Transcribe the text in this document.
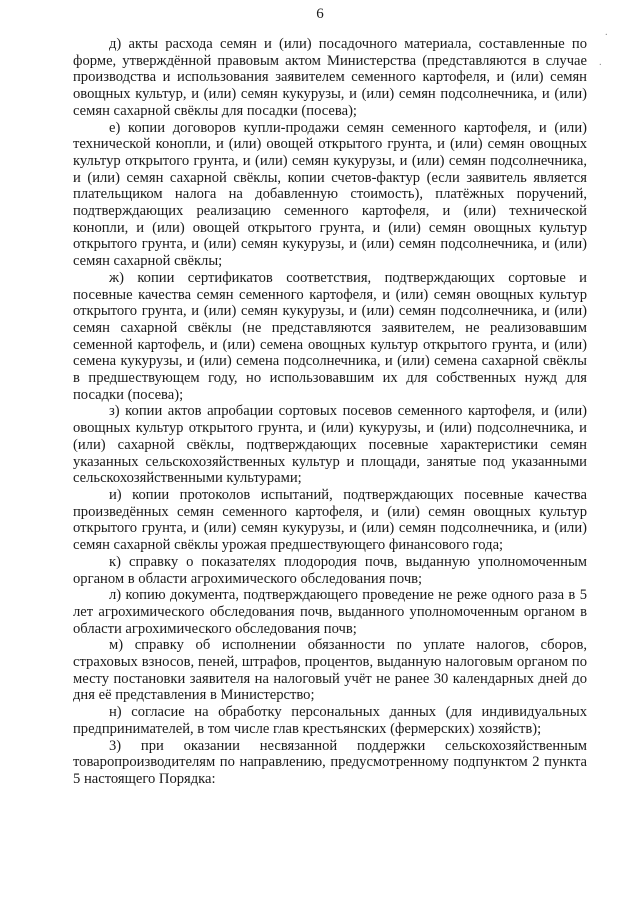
6
·
·

д) акты расхода семян и (или) посадочного материала, составленные по форме, утверждённой правовым актом Министерства (представляются в случае производства и использования заявителем семенного картофеля, и (или) семян овощных культур, и (или) семян кукурузы, и (или) семян подсолнечника, и (или) семян сахарной свёклы для посадки (посева);

е) копии договоров купли-продажи семян семенного картофеля, и (или) технической конопли, и (или) овощей открытого грунта, и (или) семян овощных культур открытого грунта, и (или) семян кукурузы, и (или) семян подсолнечника, и (или) семян сахарной свёклы, копии счетов-фактур (если заявитель является плательщиком налога на добавленную стоимость), платёжных поручений, подтверждающих реализацию семенного картофеля, и (или) технической конопли, и (или) овощей открытого грунта, и (или) семян овощных культур открытого грунта, и (или) семян кукурузы, и (или) семян подсолнечника, и (или) семян сахарной свёклы;

ж) копии сертификатов соответствия, подтверждающих сортовые и посевные качества семян семенного картофеля, и (или) семян овощных культур открытого грунта, и (или) семян кукурузы, и (или) семян подсолнечника, и (или) семян сахарной свёклы (не представляются заявителем, не реализовавшим семенной картофель, и (или) семена овощных культур открытого грунта, и (или) семена кукурузы, и (или) семена подсолнечника, и (или) семена сахарной свёклы в предшествующем году, но использовавшим их для собственных нужд для посадки (посева);

з) копии актов апробации сортовых посевов семенного картофеля, и (или) овощных культур открытого грунта, и (или) кукурузы, и (или) подсолнечника, и (или) сахарной свёклы, подтверждающих посевные характеристики семян указанных сельскохозяйственных культур и площади, занятые под указанными сельскохозяйственными культурами;

и) копии протоколов испытаний, подтверждающих посевные качества произведённых семян семенного картофеля, и (или) семян овощных культур открытого грунта, и (или) семян кукурузы, и (или) семян подсолнечника, и (или) семян сахарной свёклы урожая предшествующего финансового года;

к) справку о показателях плодородия почв, выданную уполномоченным органом в области агрохимического обследования почв;

л) копию документа, подтверждающего проведение не реже одного раза в 5 лет агрохимического обследования почв, выданного уполномоченным органом в области агрохимического обследования почв;

м) справку об исполнении обязанности по уплате налогов, сборов, страховых взносов, пеней, штрафов, процентов, выданную налоговым органом по месту постановки заявителя на налоговый учёт не ранее 30 календарных дней до дня её представления в Министерство;

н) согласие на обработку персональных данных (для индивидуальных предпринимателей, в том числе глав крестьянских (фермерских) хозяйств);

3) при оказании несвязанной поддержки сельскохозяйственным товаропроизводителям по направлению, предусмотренному подпунктом 2 пункта 5 настоящего Порядка:
